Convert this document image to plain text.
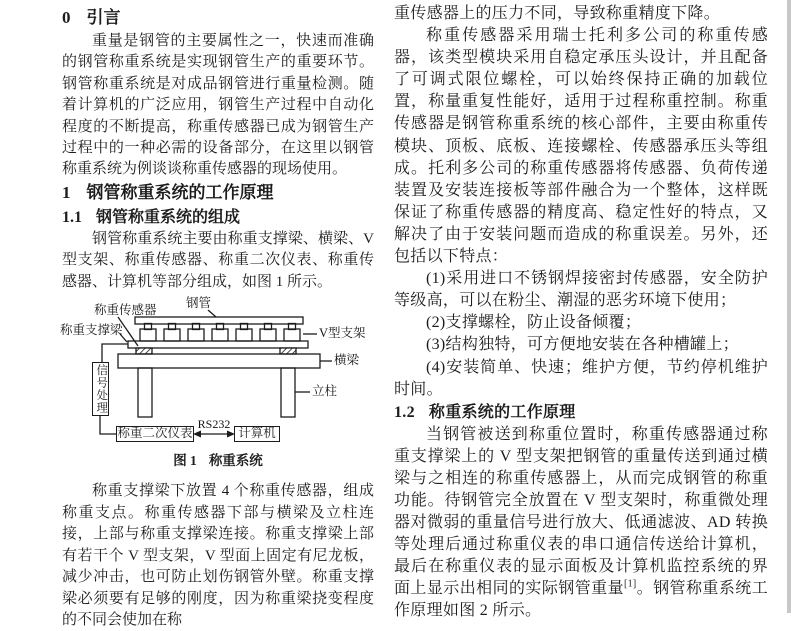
0 引言

重量是钢管的主要属性之一，快速而准确的钢管称重系统是实现钢管生产的重要环节。钢管称重系统是对成品钢管进行重量检测。随着计算机的广泛应用，钢管生产过程中自动化程度的不断提高，称重传感器已成为钢管生产过程中的一种必需的设备部分，在这里以钢管称重系统为例谈谈称重传感器的现场使用。

1 钢管称重系统的工作原理
1.1 钢管称重系统的组成

钢管称重系统主要由称重支撑梁、横梁、V 型支架、称重传感器、称重二次仪表、称重传感器、计算机等部分组成，如图 1 所示。

称重传感器 钢管
称重支撑梁	V型支架
横梁
立柱
信号处理
称重二次仪表
RS232
计算机
图 1 称重系统

称重支撑梁下放置 4 个称重传感器，组成称重支点。称重传感器下部与横梁及立柱连接，上部与称重支撑梁连接。称重支撑梁上部有若干个 V 型支架，V 型面上固定有尼龙板，减少冲击，也可防止划伤钢管外壁。称重支撑梁必须要有足够的刚度，因为称重梁挠变程度的不同会使加在称

重传感器上的压力不同，导致称重精度下降。

称重传感器采用瑞士托利多公司的称重传感器，该类型模块采用自稳定承压头设计，并且配备了可调式限位螺栓，可以始终保持正确的加载位置，称量重复性能好，适用于过程称重控制。称重传感器是钢管称重系统的核心部件，主要由称重传模块、顶板、底板、连接螺栓、传感器承压头等组成。托利多公司的称重传感器将传感器、负荷传递装置及安装连接板等部件融合为一个整体，这样既保证了称重传感器的精度高、稳定性好的特点，又解决了由于安装问题而造成的称重误差。另外，还包括以下特点：

(1)采用进口不锈钢焊接密封传感器，安全防护等级高，可以在粉尘、潮湿的恶劣环境下使用；

(2)支撑螺栓，防止设备倾覆；

(3)结构独特，可方便地安装在各种槽罐上；

(4)安装简单、快速；维护方便，节约停机维护时间。

1.2 称重系统的工作原理

当钢管被送到称重位置时，称重传感器通过称重支撑梁上的 V 型支架把钢管的重量传送到通过横梁与之相连的称重传感器上，从而完成钢管的称重功能。待钢管完全放置在 V 型支架时，称重微处理器对微弱的重量信号进行放大、低通滤波、AD 转换等处理后通过称重仪表的串口通信传送给计算机，最后在称重仪表的显示面板及计算机监控系统的界面上显示出相同的实际钢管重量[1]。钢管称重系统工作原理如图 2 所示。
